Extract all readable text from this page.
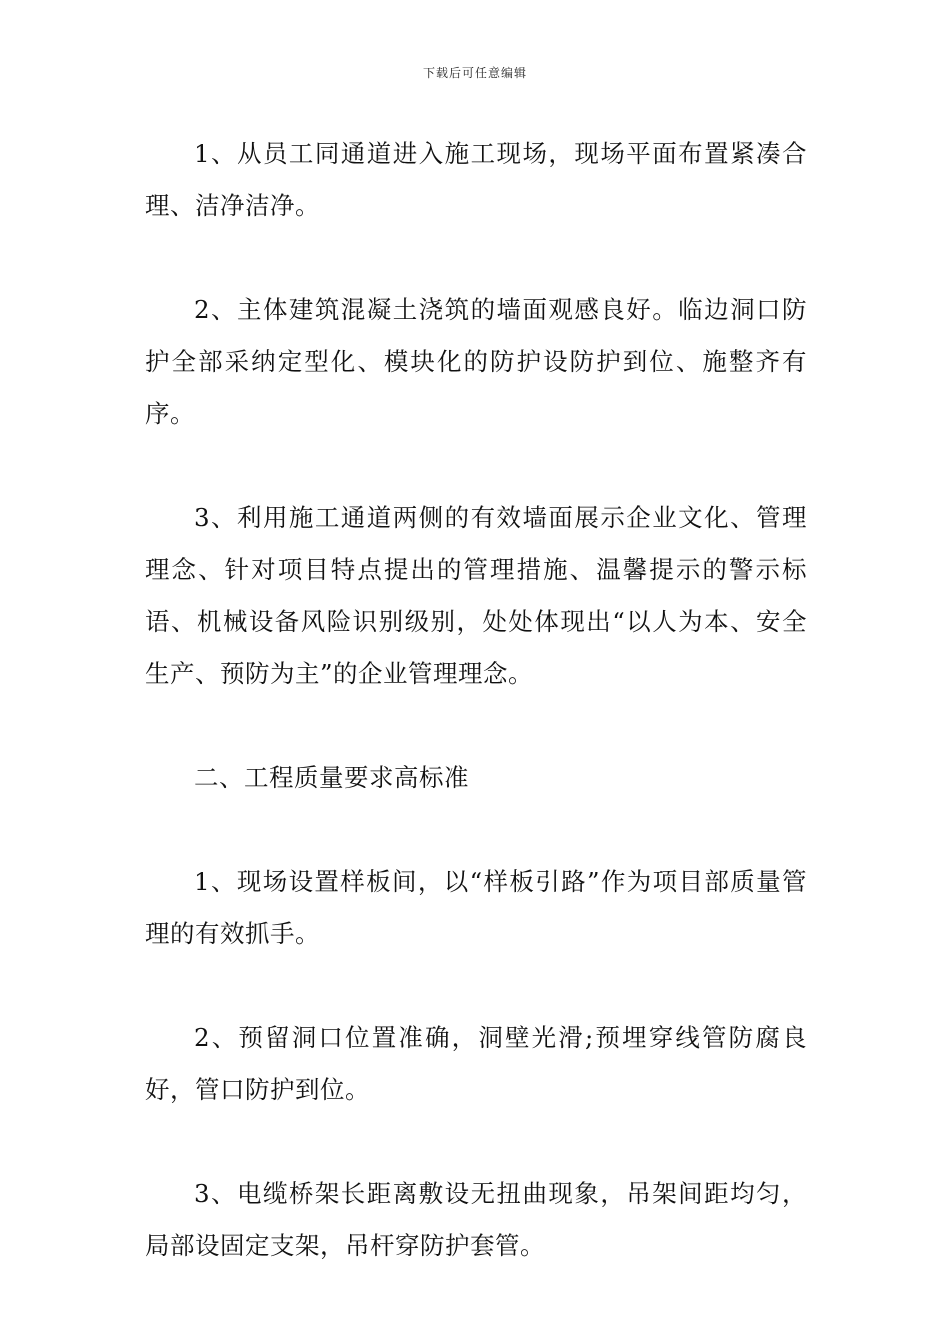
下载后可任意编辑

1、从员工同通道进入施工现场，现场平面布置紧凑合理、洁净洁净。

2、主体建筑混凝土浇筑的墙面观感良好。临边洞口防护全部采纳定型化、模块化的防护设防护到位、施整齐有序。

3、利用施工通道两侧的有效墙面展示企业文化、管理理念、针对项目特点提出的管理措施、温馨提示的警示标语、机械设备风险识别级别，处处体现出“以人为本、安全生产、预防为主”的企业管理理念。

二、工程质量要求高标准

1、现场设置样板间，以“样板引路”作为项目部质量管理的有效抓手。

2、预留洞口位置准确，洞壁光滑;预埋穿线管防腐良好，管口防护到位。

3、电缆桥架长距离敷设无扭曲现象，吊架间距均匀，局部设固定支架，吊杆穿防护套管。
